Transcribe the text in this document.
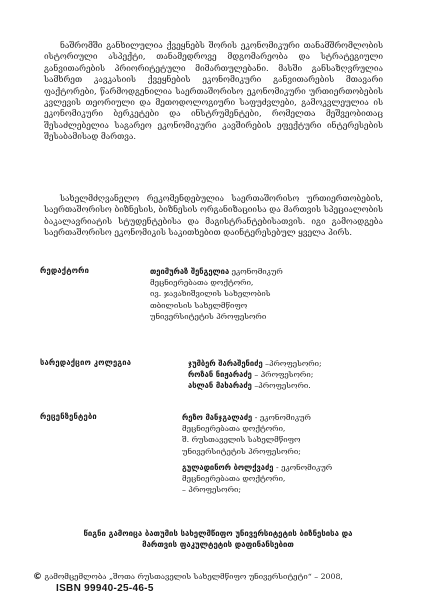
ნაშრომში განხილულია ქვეყნებს შორის ეკონომიკური თანამშრომლობის ისტორიული ასპექტი, თანამედროვე მდგომარეობა და სტრატეგიული განვითარების პრიორიტეტული მიმართულებანი. მასში განსაზღვრულია სამხრეთ კავკასიის ქვეყნების ეკონომიკური განვითარების მთავარი ფაქტორები, წარმოდგენილია საერთაშორისო ეკონომიკური ურთიერთობების კვლევის თეორიული და მეთოდოლოგიური საფუძვლები, გამოკვლეულია ის ეკონომიკური ბერკეტები და ინსტრუმენტები, რომელთა მეშვეობითაც შესაძლებელია საგარეო ეკონომიკური კავშირების ეფექტური ინტერესების შესაბამისად მართვა.

სახელმძღვანელო რეკომენდებულია საერთაშორისო ურთიერთობების, საერთაშორისო ბიზნესის, ბიზნესის ორგანიზაციისა და მართვის სპეციალობის ბაკალავრიატის სტუდენტებისა და მაგისტრანტებისათვის. იგი გამოადგება საერთაშორისო ეკონომიკის საკითხებით დაინტერესებულ ყველა პირს.

რედაქტორი	თეიმურაზ შენგელია ეკონომიკურ
მეცნიერებათა დოქტორი,
ივ. ჯავახიშვილის სახელობის
თბილისის სახელმწიფო
უნივერსიტეტის პროფესორი
სარედაქციო კოლეგია	ჯუმბერ შარაშენიძე –პროფესორი;
როზან ნიჟარაძე – პროფესორი;
ასლან მახარაძე –პროფესორი.
რეცენზენტები	რეზო მანჯგალაძე - ეკონომიკურ
მეცნიერებათა დოქტორი,
შ. რუსთაველის სახელმწიფო
უნივერსიტეტის პროფესორი;
გულადინორ ბოლქვაძე - ეკონომიკურ
მეცნიერებათა დოქტორი,
– პროფესორი;
წიგნი გამოიცა ბათუმის სახელმწიფო უნივერსიტეტის ბიზნესისა და
მართვის ფაკულტეტის დაფინანსებით
© გამომცემლობა „შოთა რუსთაველის სახელმწიფო უნივერსიტეტი“ – 2008,
ISBN 99940-25-46-5
